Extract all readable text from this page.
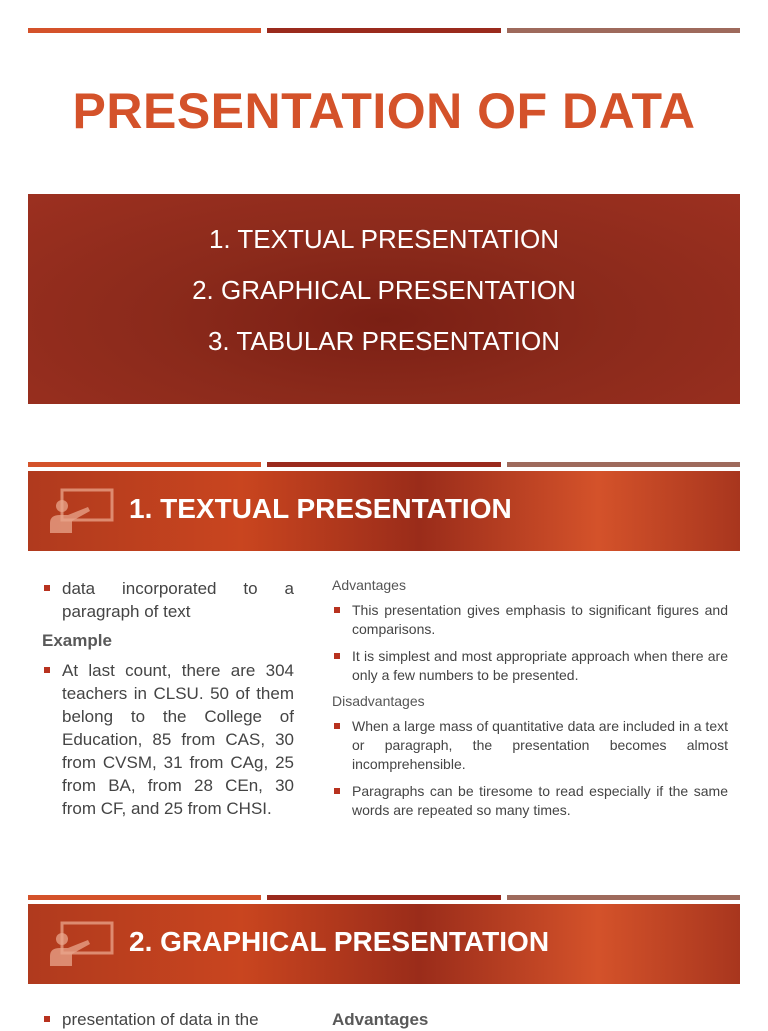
PRESENTATION OF DATA
1. TEXTUAL PRESENTATION
2. GRAPHICAL PRESENTATION
3. TABULAR PRESENTATION
1. TEXTUAL PRESENTATION
data incorporated to a paragraph of text
Example
At last count, there are 304 teachers in CLSU. 50 of them belong to the College of Education, 85 from CAS, 30 from CVSM, 31 from CAg, 25 from BA, from 28 CEn, 30 from CF, and 25 from CHSI.
Advantages
This presentation gives emphasis to significant figures and comparisons.
It is simplest and most appropriate approach when there are only a few numbers to be presented.
Disadvantages
When a large mass of quantitative data are included in a text or paragraph, the presentation becomes almost incomprehensible.
Paragraphs can be tiresome to read especially if the same words are repeated so many times.
2. GRAPHICAL PRESENTATION
presentation of data in the	Advantages
